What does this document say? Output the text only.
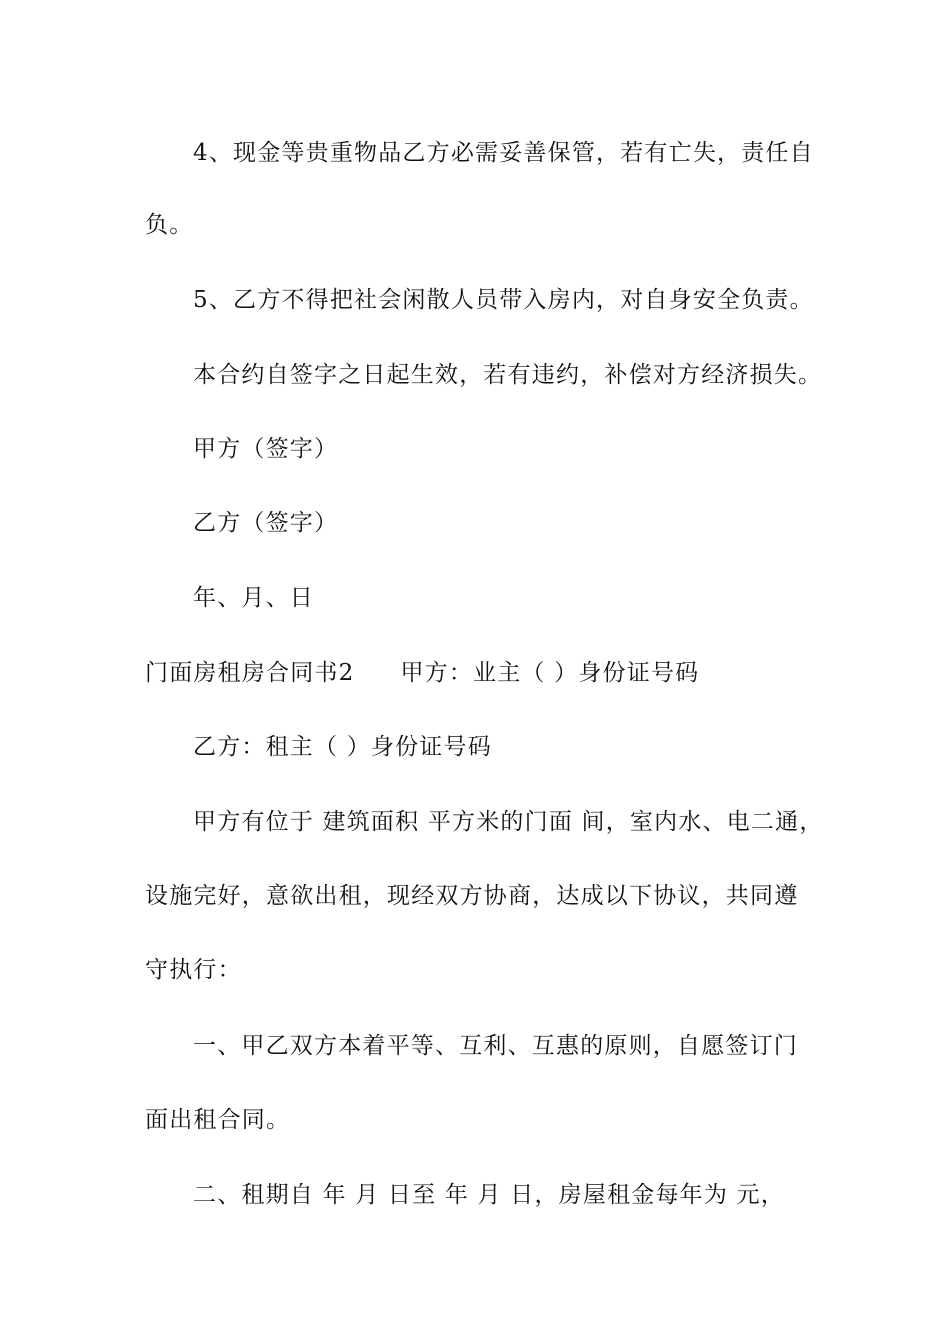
4、现金等贵重物品乙方必需妥善保管，若有亡失，责任自
负。
5、乙方不得把社会闲散人员带入房内，对自身安全负责。
本合约自签字之日起生效，若有违约，补偿对方经济损失。
甲方（签字）
乙方（签字）
年、月、日
门面房租房合同书2 甲方：业主（ ）身份证号码
乙方：租主（ ）身份证号码
甲方有位于 建筑面积 平方米的门面 间，室内水、电二通，
设施完好，意欲出租，现经双方协商，达成以下协议，共同遵
守执行：
一、甲乙双方本着平等、互利、互惠的原则，自愿签订门
面出租合同。
二、租期自 年 月 日至 年 月 日，房屋租金每年为 元，
